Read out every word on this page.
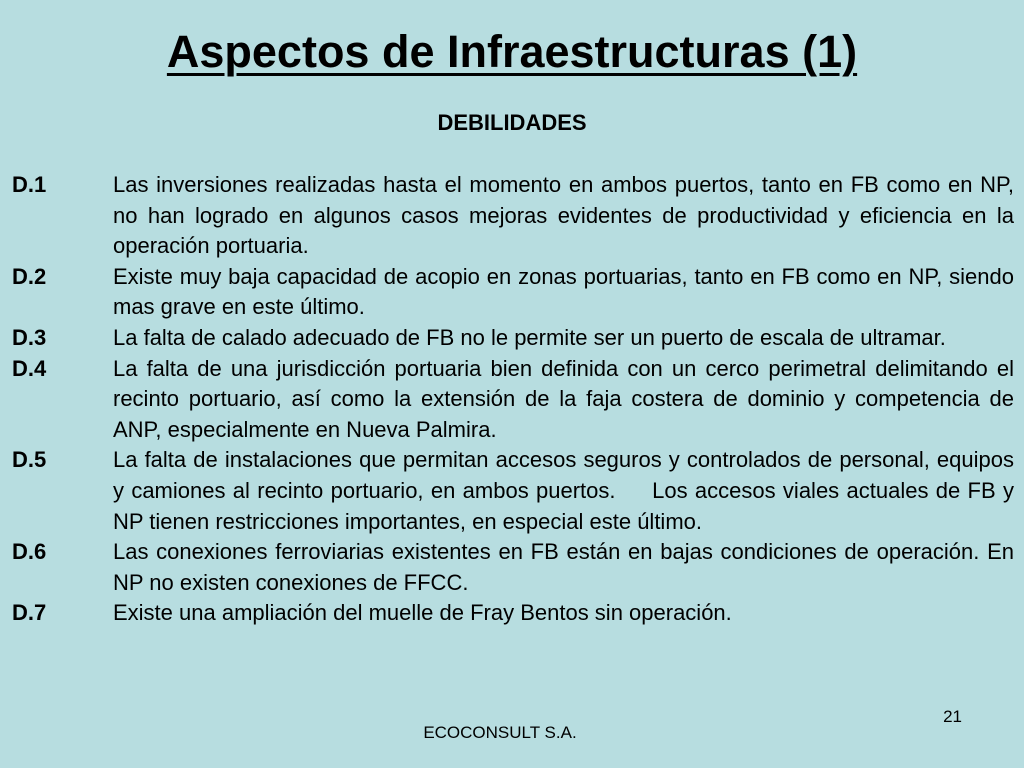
Aspectos de Infraestructuras (1)
DEBILIDADES
D.1	Las inversiones realizadas hasta el momento en ambos puertos, tanto en FB como en NP, no han logrado en algunos casos mejoras evidentes de productividad y eficiencia en la operación portuaria.
D.2	Existe muy baja capacidad de acopio en zonas portuarias, tanto en FB como en NP, siendo mas grave en este último.
D.3	La falta de calado adecuado de FB no le permite ser un puerto de escala de ultramar.
D.4	La falta de una jurisdicción portuaria bien definida con un cerco perimetral delimitando el recinto portuario, así como la extensión de la faja costera de dominio y competencia de ANP, especialmente en Nueva Palmira.
D.5	La falta de instalaciones que permitan accesos seguros y controlados de personal, equipos y camiones al recinto portuario, en ambos puertos.     Los accesos viales actuales de FB y NP tienen restricciones importantes, en especial este último.
D.6	Las conexiones ferroviarias existentes en FB están en bajas condiciones de operación. En NP no existen conexiones de FFCC.
D.7	Existe una ampliación del muelle de Fray Bentos sin operación.
21
ECOCONSULT S.A.
